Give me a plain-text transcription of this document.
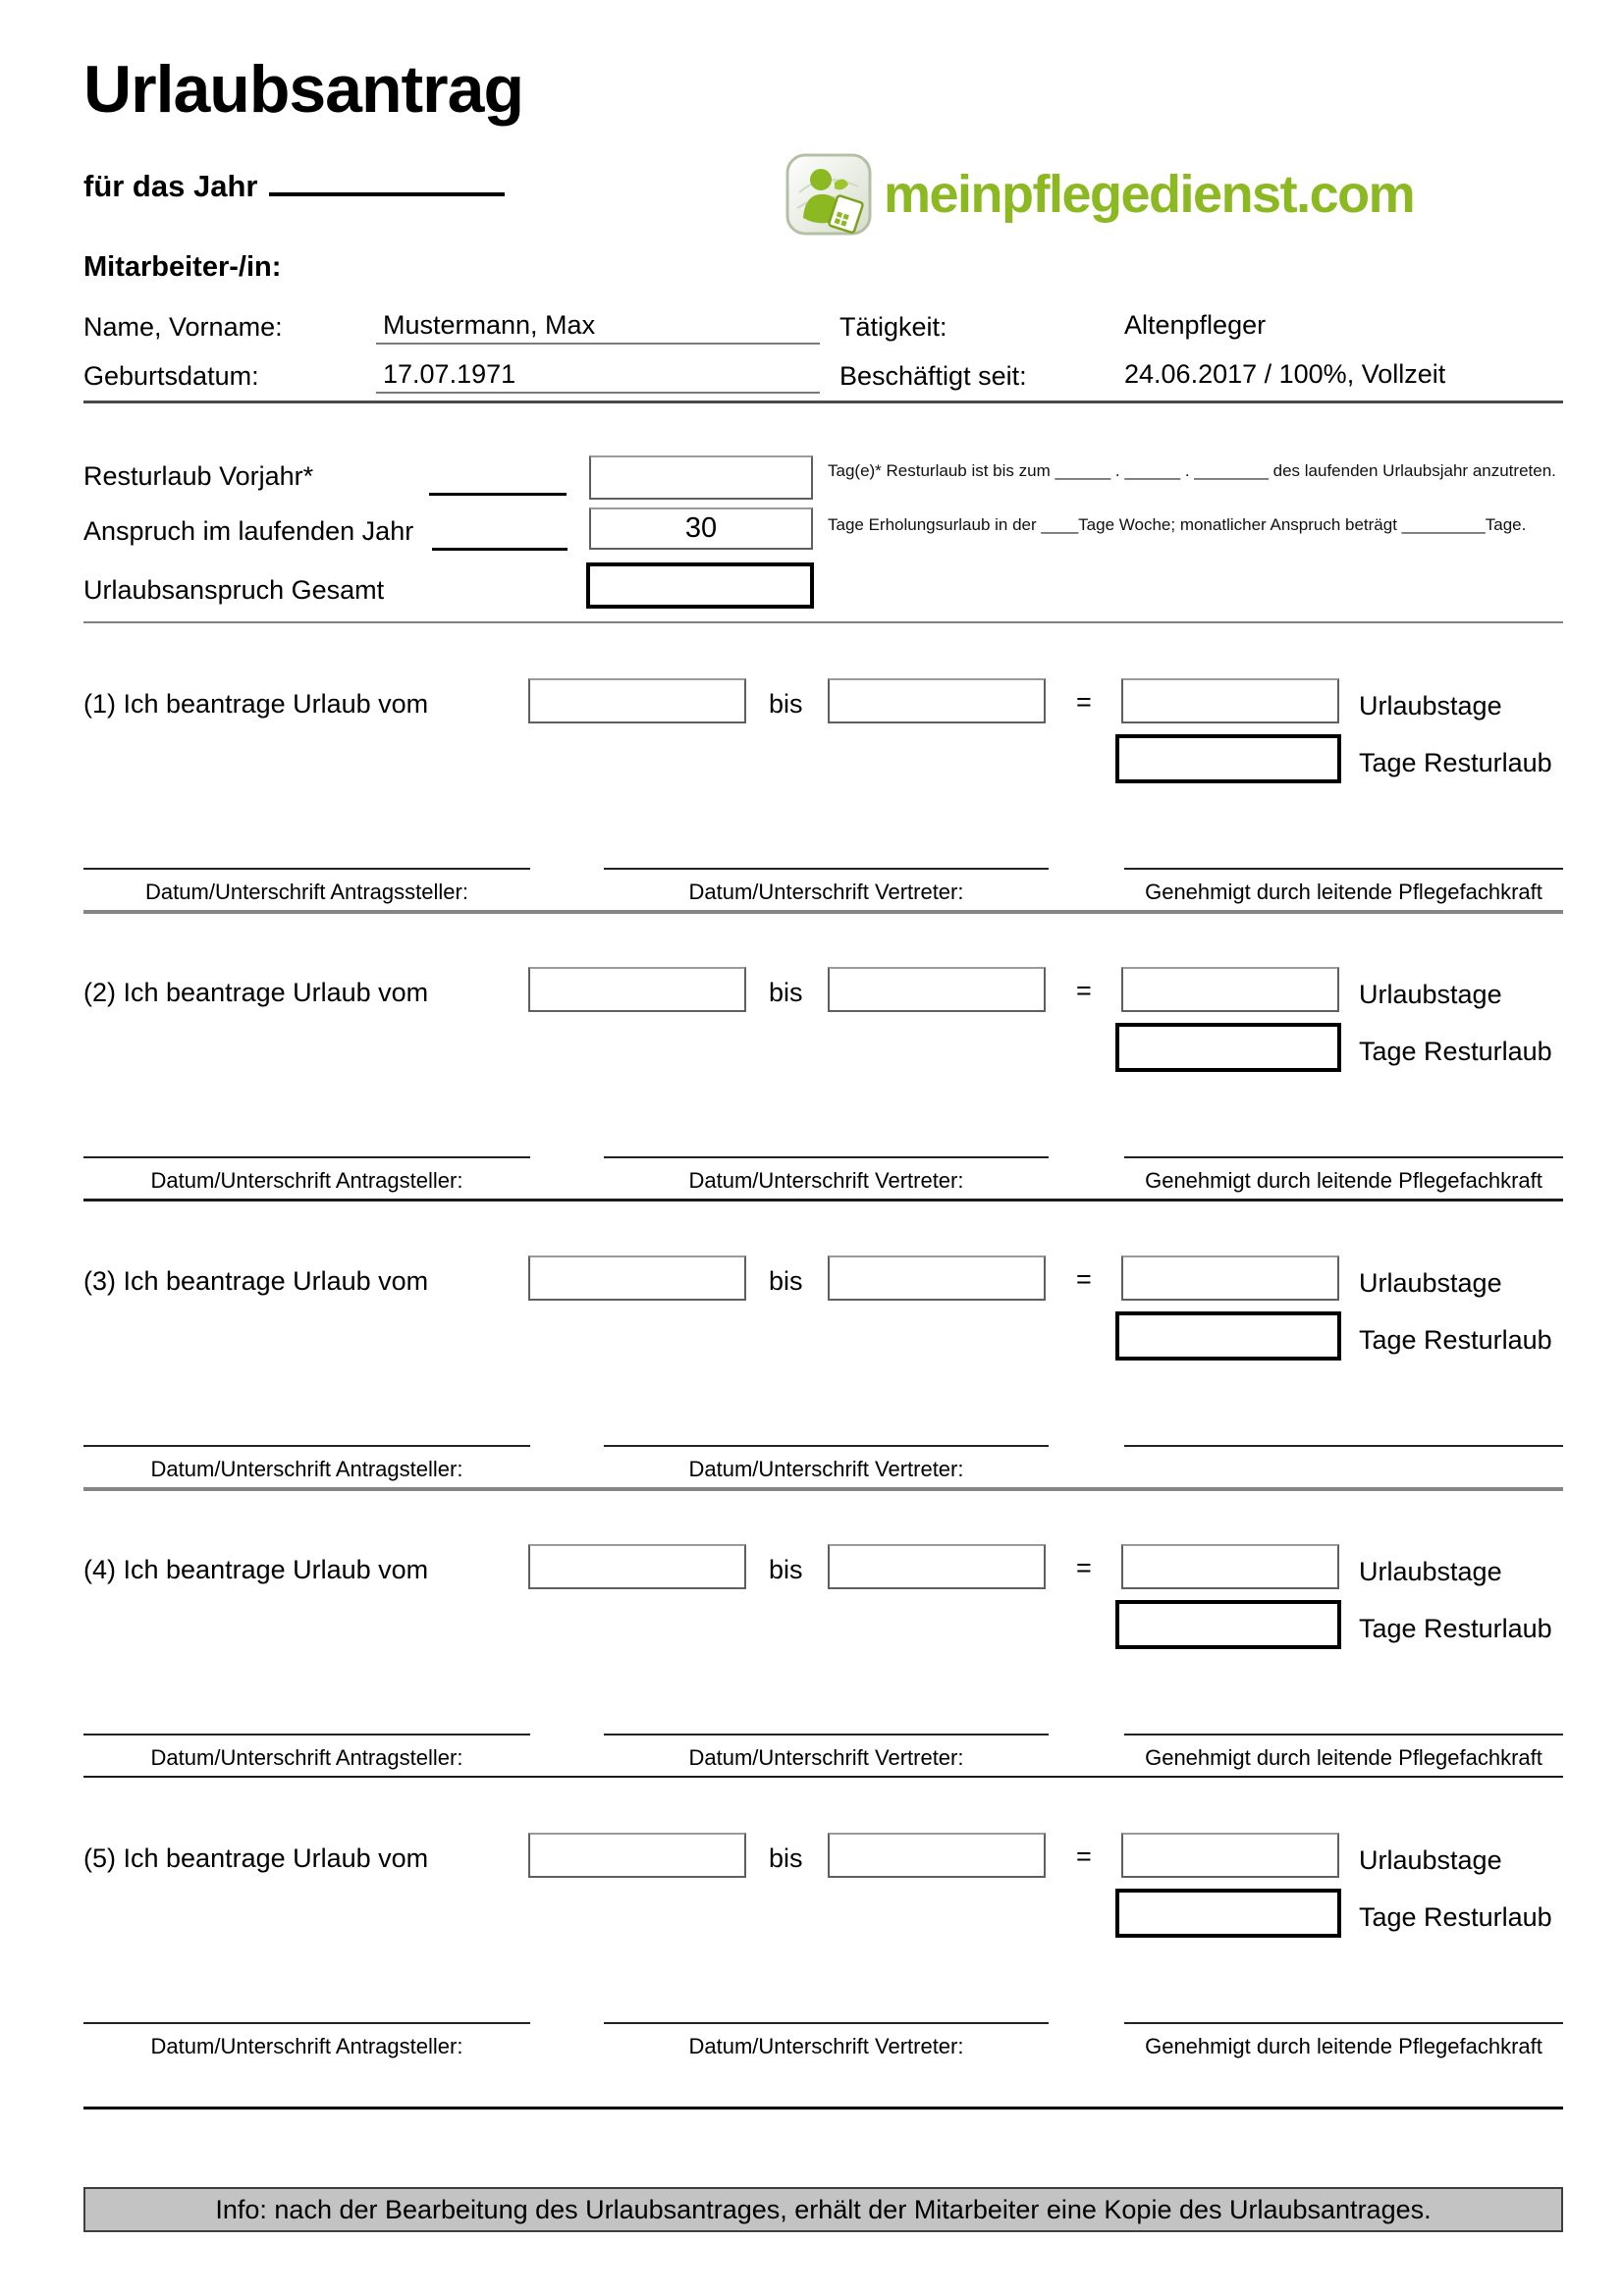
Urlaubsantrag
für das Jahr	meinpflegedienst.com
Mitarbeiter-/in:
Name, Vorname:	Mustermann, Max	Tätigkeit:	Altenpfleger
Geburtsdatum:	17.07.1971	Beschäftigt seit:	24.06.2017 / 100%, Vollzeit
Resturlaub Vorjahr*	Tag(e)* Resturlaub ist bis zum ______ . ______ . ________ des laufenden Urlaubsjahr anzutreten.
Anspruch im laufenden Jahr	30	Tage Erholungsurlaub in der ____Tage Woche; monatlicher Anspruch beträgt _________Tage.
Urlaubsanspruch Gesamt
(1) Ich beantrage Urlaub vom	bis	=	Urlaubstage
Tage Resturlaub
Datum/Unterschrift Antragssteller:	Datum/Unterschrift Vertreter:	Genehmigt durch leitende Pflegefachkraft
(2) Ich beantrage Urlaub vom	bis	=	Urlaubstage
Tage Resturlaub
Datum/Unterschrift Antragsteller:	Datum/Unterschrift Vertreter:	Genehmigt durch leitende Pflegefachkraft
(3) Ich beantrage Urlaub vom	bis	=	Urlaubstage
Tage Resturlaub
Datum/Unterschrift Antragsteller:	Datum/Unterschrift Vertreter:
(4) Ich beantrage Urlaub vom	bis	=	Urlaubstage
Tage Resturlaub
Datum/Unterschrift Antragsteller:	Datum/Unterschrift Vertreter:	Genehmigt durch leitende Pflegefachkraft
(5) Ich beantrage Urlaub vom	bis	=	Urlaubstage
Tage Resturlaub
Datum/Unterschrift Antragsteller:	Datum/Unterschrift Vertreter:	Genehmigt durch leitende Pflegefachkraft
Info: nach der Bearbeitung des Urlaubsantrages, erhält der Mitarbeiter eine Kopie des Urlaubsantrages.
